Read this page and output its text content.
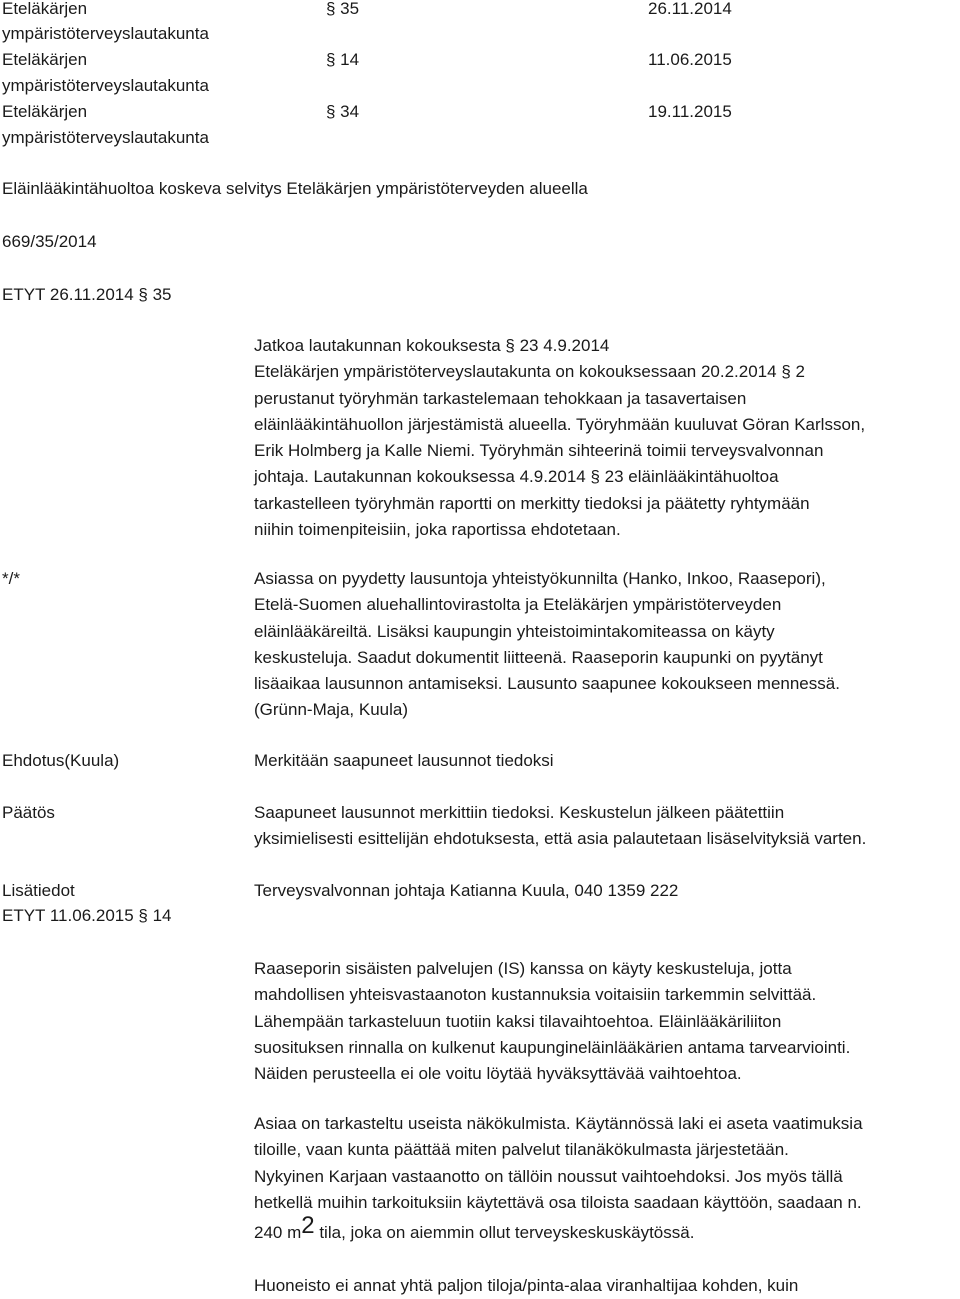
Eteläkärjen
ympäristöterveyslautakunta
§ 35	26.11.2014
Eteläkärjen
ympäristöterveyslautakunta
§ 14	11.06.2015
Eteläkärjen
ympäristöterveyslautakunta
§ 34	19.11.2015
Eläinlääkintähuoltoa koskeva selvitys Eteläkärjen ympäristöterveyden alueella
669/35/2014
ETYT 26.11.2014 § 35
Jatkoa lautakunnan kokouksesta § 23 4.9.2014
Eteläkärjen ympäristöterveyslautakunta on kokouksessaan 20.2.2014 § 2
perustanut työryhmän tarkastelemaan tehokkaan ja tasavertaisen
eläinlääkintähuollon järjestämistä alueella. Työryhmään kuuluvat Göran Karlsson,
Erik Holmberg ja Kalle Niemi. Työryhmän sihteerinä toimii terveysvalvonnan
johtaja. Lautakunnan kokouksessa 4.9.2014 § 23 eläinlääkintähuoltoa
tarkastelleen työryhmän raportti on merkitty tiedoksi ja päätetty ryhtymään
niihin toimenpiteisiin, joka raportissa ehdotetaan.
*/*	Asiassa on pyydetty lausuntoja yhteistyökunnilta (Hanko, Inkoo, Raasepori),
Etelä-Suomen aluehallintovirastolta ja Eteläkärjen ympäristöterveyden
eläinlääkäreiltä. Lisäksi kaupungin yhteistoimintakomiteassa on käyty
keskusteluja. Saadut dokumentit liitteenä. Raaseporin kaupunki on pyytänyt
lisäaikaa lausunnon antamiseksi. Lausunto saapunee kokoukseen mennessä.
(Grünn-Maja, Kuula)
Ehdotus(Kuula)	Merkitään saapuneet lausunnot tiedoksi
Päätös	Saapuneet lausunnot merkittiin tiedoksi. Keskustelun jälkeen päätettiin
yksimielisesti esittelijän ehdotuksesta, että asia palautetaan lisäselvityksiä varten.
Lisätiedot	Terveysvalvonnan johtaja Katianna Kuula, 040 1359 222
ETYT 11.06.2015 § 14
Raaseporin sisäisten palvelujen (IS) kanssa on käyty keskusteluja, jotta
mahdollisen yhteisvastaanoton kustannuksia voitaisiin tarkemmin selvittää.
Lähempään tarkasteluun tuotiin kaksi tilavaihtoehtoa. Eläinlääkäriliiton
suosituksen rinnalla on kulkenut kaupungineläinlääkärien antama tarvearviointi.
Näiden perusteella ei ole voitu löytää hyväksyttävää vaihtoehtoa.
Asiaa on tarkasteltu useista näkökulmista. Käytännössä laki ei aseta vaatimuksia
tiloille, vaan kunta päättää miten palvelut tilanäkökulmasta järjestetään.
Nykyinen Karjaan vastaanotto on tällöin noussut vaihtoehdoksi. Jos myös tällä
hetkellä muihin tarkoituksiin käytettävä osa tiloista saadaan käyttöön, saadaan n.
240 $m^2$ tila, joka on aiemmin ollut terveyskeskuskäytössä.
Huoneisto ei annat yhtä paljon tiloja/pinta-alaa viranhaltijaa kohden, kuin
